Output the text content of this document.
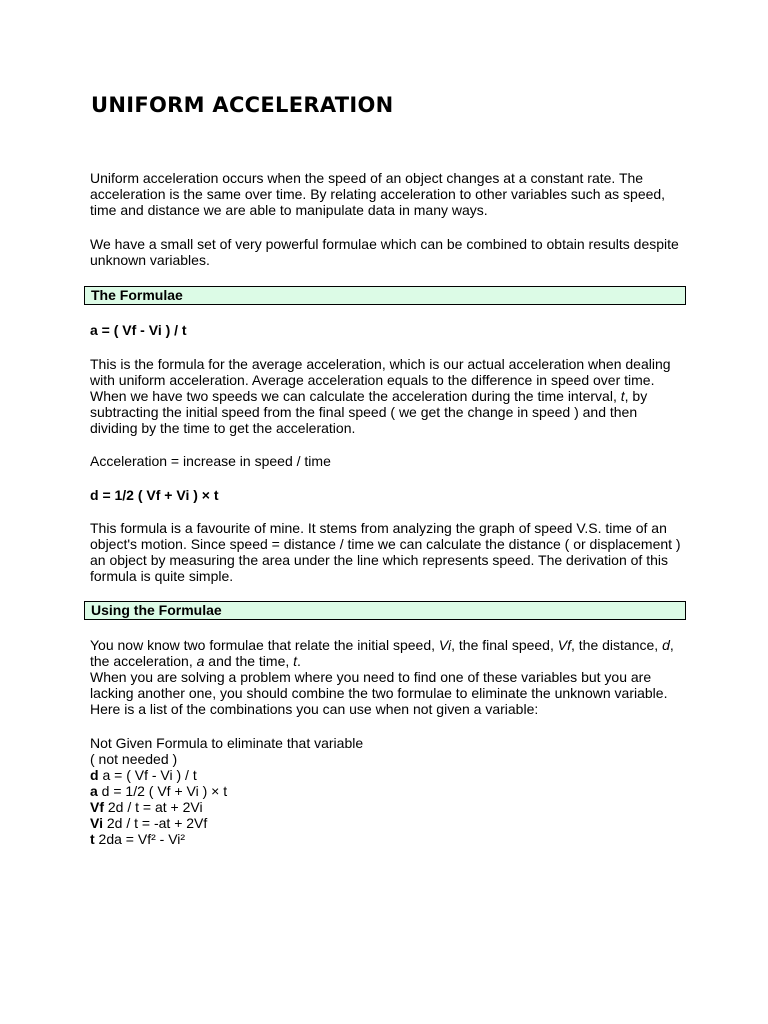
UNIFORM ACCELERATION
Uniform acceleration occurs when the speed of an object changes at a constant rate. The
acceleration is the same over time. By relating acceleration to other variables such as speed,
time and distance we are able to manipulate data in many ways.
We have a small set of very powerful formulae which can be combined to obtain results despite
unknown variables.
The Formulae
a = ( Vf - Vi ) / t
This is the formula for the average acceleration, which is our actual acceleration when dealing
with uniform acceleration. Average acceleration equals to the difference in speed over time.
When we have two speeds we can calculate the acceleration during the time interval, t, by
subtracting the initial speed from the final speed ( we get the change in speed ) and then
dividing by the time to get the acceleration.
Acceleration = increase in speed / time
d = 1/2 ( Vf + Vi ) × t
This formula is a favourite of mine. It stems from analyzing the graph of speed V.S. time of an
object's motion. Since speed = distance / time we can calculate the distance ( or displacement )
an object by measuring the area under the line which represents speed. The derivation of this
formula is quite simple.
Using the Formulae
You now know two formulae that relate the initial speed, Vi, the final speed, Vf, the distance, d,
the acceleration, a and the time, t.
When you are solving a problem where you need to find one of these variables but you are
lacking another one, you should combine the two formulae to eliminate the unknown variable.
Here is a list of the combinations you can use when not given a variable:
Not Given Formula to eliminate that variable
( not needed )
d a = ( Vf - Vi ) / t
a d = 1/2 ( Vf + Vi ) × t
Vf 2d / t = at + 2Vi
Vi 2d / t = -at + 2Vf
t 2da = Vf² - Vi²
